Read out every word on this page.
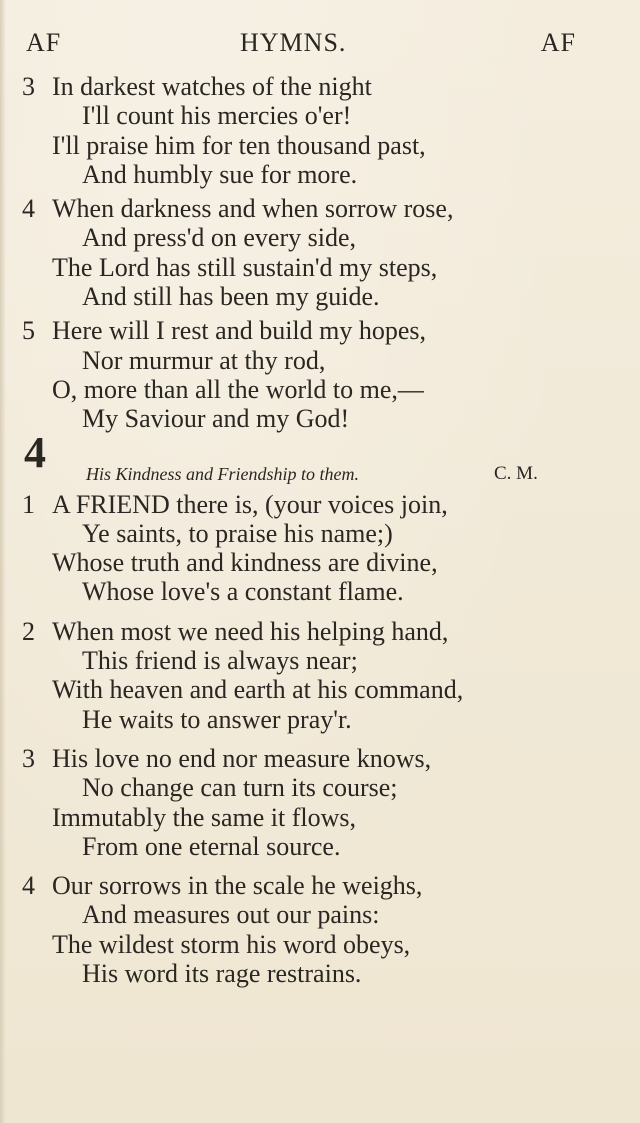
AF	HYMNS.	AF
3 In darkest watches of the night
I'll count his mercies o'er!
I'll praise him for ten thousand past,
And humbly sue for more.
4 When darkness and when sorrow rose,
And press'd on every side,
The Lord has still sustain'd my steps,
And still has been my guide.
5 Here will I rest and build my hopes,
Nor murmur at thy rod,
O, more than all the world to me,—
My Saviour and my God!
4 His Kindness and Friendship to them.	C. M.
1 A FRIEND there is, (your voices join,
Ye saints, to praise his name;)
Whose truth and kindness are divine,
Whose love's a constant flame.
2 When most we need his helping hand,
This friend is always near;
With heaven and earth at his command,
He waits to answer pray'r.
3 His love no end nor measure knows,
No change can turn its course;
Immutably the same it flows,
From one eternal source.
4 Our sorrows in the scale he weighs,
And measures out our pains:
The wildest storm his word obeys,
His word its rage restrains.
